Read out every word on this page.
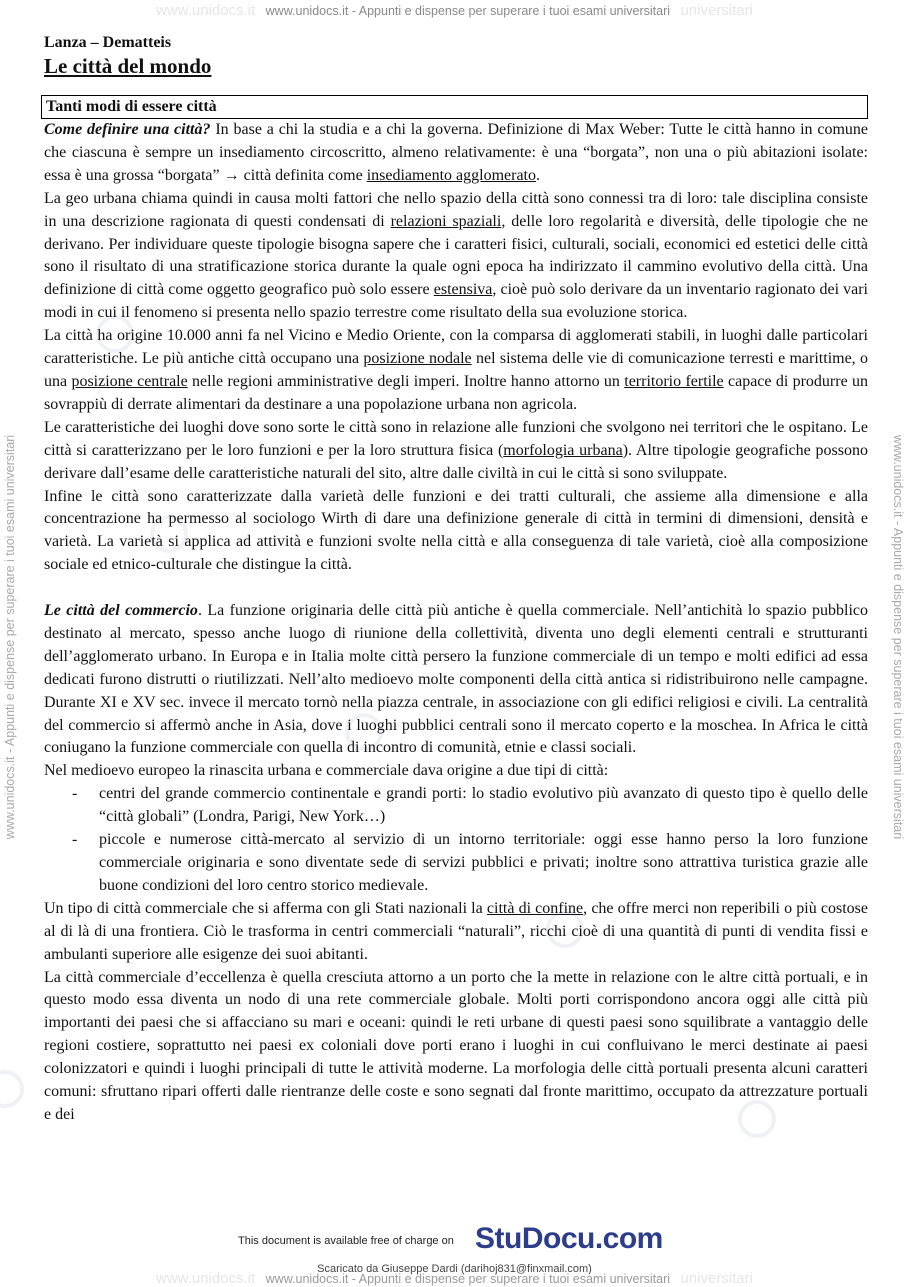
www.unidocs.it www.unidocs.it - Appunti e dispense per superare i tuoi esami universitari universitari
www.unidocs.it - Appunti e dispense per superare i tuoi esami universitari	www.unidocs.it - Appunti e dispense per superare i tuoi esami universitari
Lanza – Dematteis
Le città del mondo
Tanti modi di essere città

Come definire una città? In base a chi la studia e a chi la governa. Definizione di Max Weber: Tutte le città hanno in comune che ciascuna è sempre un insediamento circoscritto, almeno relativamente: è una “borgata”, non una o più abitazioni isolate: essa è una grossa “borgata” → città definita come insediamento agglomerato.

La geo urbana chiama quindi in causa molti fattori che nello spazio della città sono connessi tra di loro: tale disciplina consiste in una descrizione ragionata di questi condensati di relazioni spaziali, delle loro regolarità e diversità, delle tipologie che ne derivano. Per individuare queste tipologie bisogna sapere che i caratteri fisici, culturali, sociali, economici ed estetici delle città sono il risultato di una stratificazione storica durante la quale ogni epoca ha indirizzato il cammino evolutivo della città. Una definizione di città come oggetto geografico può solo essere estensiva, cioè può solo derivare da un inventario ragionato dei vari modi in cui il fenomeno si presenta nello spazio terrestre come risultato della sua evoluzione storica.

La città ha origine 10.000 anni fa nel Vicino e Medio Oriente, con la comparsa di agglomerati stabili, in luoghi dalle particolari caratteristiche. Le più antiche città occupano una posizione nodale nel sistema delle vie di comunicazione terresti e marittime, o una posizione centrale nelle regioni amministrative degli imperi. Inoltre hanno attorno un territorio fertile capace di produrre un sovrappiù di derrate alimentari da destinare a una popolazione urbana non agricola.

Le caratteristiche dei luoghi dove sono sorte le città sono in relazione alle funzioni che svolgono nei territori che le ospitano. Le città si caratterizzano per le loro funzioni e per la loro struttura fisica (morfologia urbana). Altre tipologie geografiche possono derivare dall’esame delle caratteristiche naturali del sito, altre dalle civiltà in cui le città si sono sviluppate.

Infine le città sono caratterizzate dalla varietà delle funzioni e dei tratti culturali, che assieme alla dimensione e alla concentrazione ha permesso al sociologo Wirth di dare una definizione generale di città in termini di dimensioni, densità e varietà. La varietà si applica ad attività e funzioni svolte nella città e alla conseguenza di tale varietà, cioè alla composizione sociale ed etnico-culturale che distingue la città.

Le città del commercio. La funzione originaria delle città più antiche è quella commerciale. Nell’antichità lo spazio pubblico destinato al mercato, spesso anche luogo di riunione della collettività, diventa uno degli elementi centrali e strutturanti dell’agglomerato urbano. In Europa e in Italia molte città persero la funzione commerciale di un tempo e molti edifici ad essa dedicati furono distrutti o riutilizzati. Nell’alto medioevo molte componenti della città antica si ridistribuirono nelle campagne. Durante XI e XV sec. invece il mercato tornò nella piazza centrale, in associazione con gli edifici religiosi e civili. La centralità del commercio si affermò anche in Asia, dove i luoghi pubblici centrali sono il mercato coperto e la moschea. In Africa le città coniugano la funzione commerciale con quella di incontro di comunità, etnie e classi sociali.

Nel medioevo europeo la rinascita urbana e commerciale dava origine a due tipi di città:

- centri del grande commercio continentale e grandi porti: lo stadio evolutivo più avanzato di questo tipo è quello delle “città globali” (Londra, Parigi, New York…)
- piccole e numerose città-mercato al servizio di un intorno territoriale: oggi esse hanno perso la loro funzione commerciale originaria e sono diventate sede di servizi pubblici e privati; inoltre sono attrattiva turistica grazie alle buone condizioni del loro centro storico medievale.

Un tipo di città commerciale che si afferma con gli Stati nazionali la città di confine, che offre merci non reperibili o più costose al di là di una frontiera. Ciò le trasforma in centri commerciali “naturali”, ricchi cioè di una quantità di punti di vendita fissi e ambulanti superiore alle esigenze dei suoi abitanti.

La città commerciale d’eccellenza è quella cresciuta attorno a un porto che la mette in relazione con le altre città portuali, e in questo modo essa diventa un nodo di una rete commerciale globale. Molti porti corrispondono ancora oggi alle città più importanti dei paesi che si affacciano su mari e oceani: quindi le reti urbane di questi paesi sono squilibrate a vantaggio delle regioni costiere, soprattutto nei paesi ex coloniali dove porti erano i luoghi in cui confluivano le merci destinate ai paesi colonizzatori e quindi i luoghi principali di tutte le attività moderne. La morfologia delle città portuali presenta alcuni caratteri comuni: sfruttano ripari offerti dalle rientranze delle coste e sono segnati dal fronte marittimo, occupato da attrezzature portuali e dei

This document is available free of charge on StuDocu.com
Scaricato da Giuseppe Dardi (darihoj831@finxmail.com)
www.unidocs.it www.unidocs.it - Appunti e dispense per superare i tuoi esami universitari universitari
